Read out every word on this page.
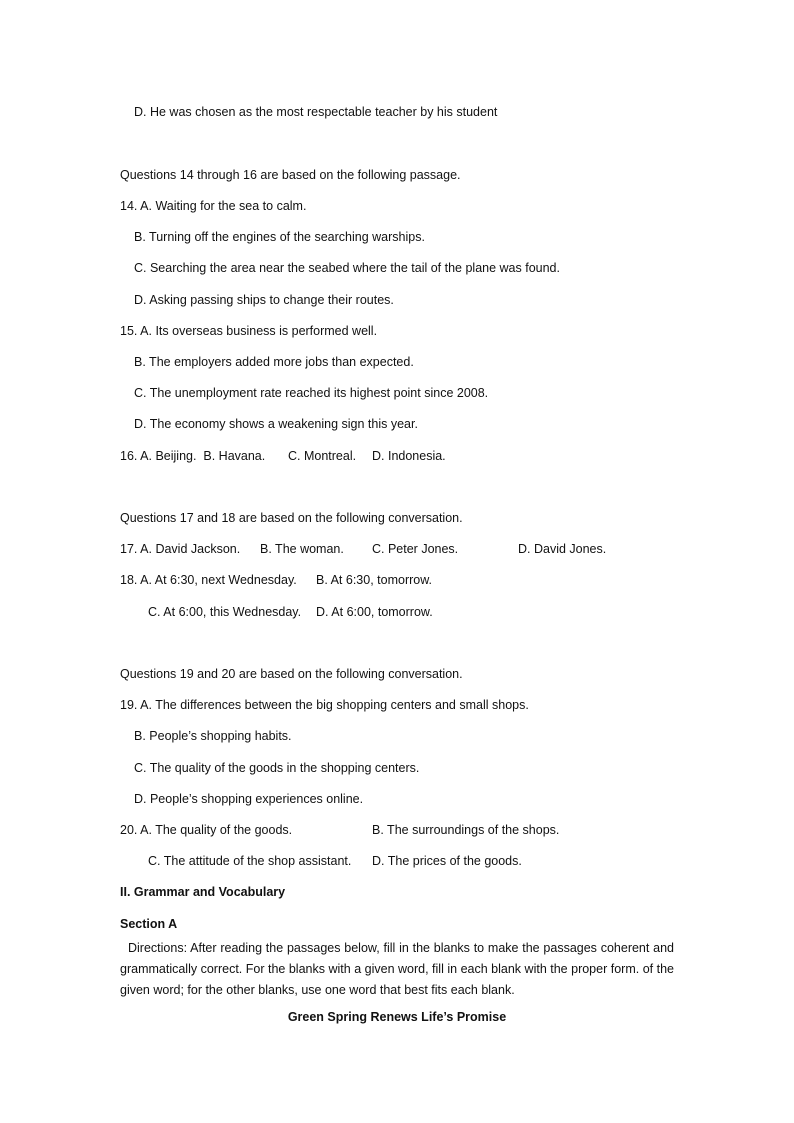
D. He was chosen as the most respectable teacher by his student
Questions 14 through 16 are based on the following passage.
14. A. Waiting for the sea to calm.
B. Turning off the engines of the searching warships.
C. Searching the area near the seabed where the tail of the plane was found.
D. Asking passing ships to change their routes.
15. A. Its overseas business is performed well.
B. The employers added more jobs than expected.
C. The unemployment rate reached its highest point since 2008.
D. The economy shows a weakening sign this year.
16. A. Beijing.  B. Havana. C. Montreal. D. Indonesia.
Questions 17 and 18 are based on the following conversation.
17. A. David Jackson. B. The woman. C. Peter Jones.	D. David Jones.
18. A. At 6:30, next Wednesday. B. At 6:30, tomorrow.
C. At 6:00, this Wednesday. D. At 6:00, tomorrow.
Questions 19 and 20 are based on the following conversation.
19. A. The differences between the big shopping centers and small shops.
B. People’s shopping habits.
C. The quality of the goods in the shopping centers.
D. People’s shopping experiences online.
20. A. The quality of the goods.	B. The surroundings of the shops.
C. The attitude of the shop assistant. D. The prices of the goods.
II. Grammar and Vocabulary
Section A
Directions: After reading the passages below, fill in the blanks to make the passages coherent and grammatically correct. For the blanks with a given word, fill in each blank with the proper form. of the given word; for the other blanks, use one word that best fits each blank.
Green Spring Renews Life’s Promise
